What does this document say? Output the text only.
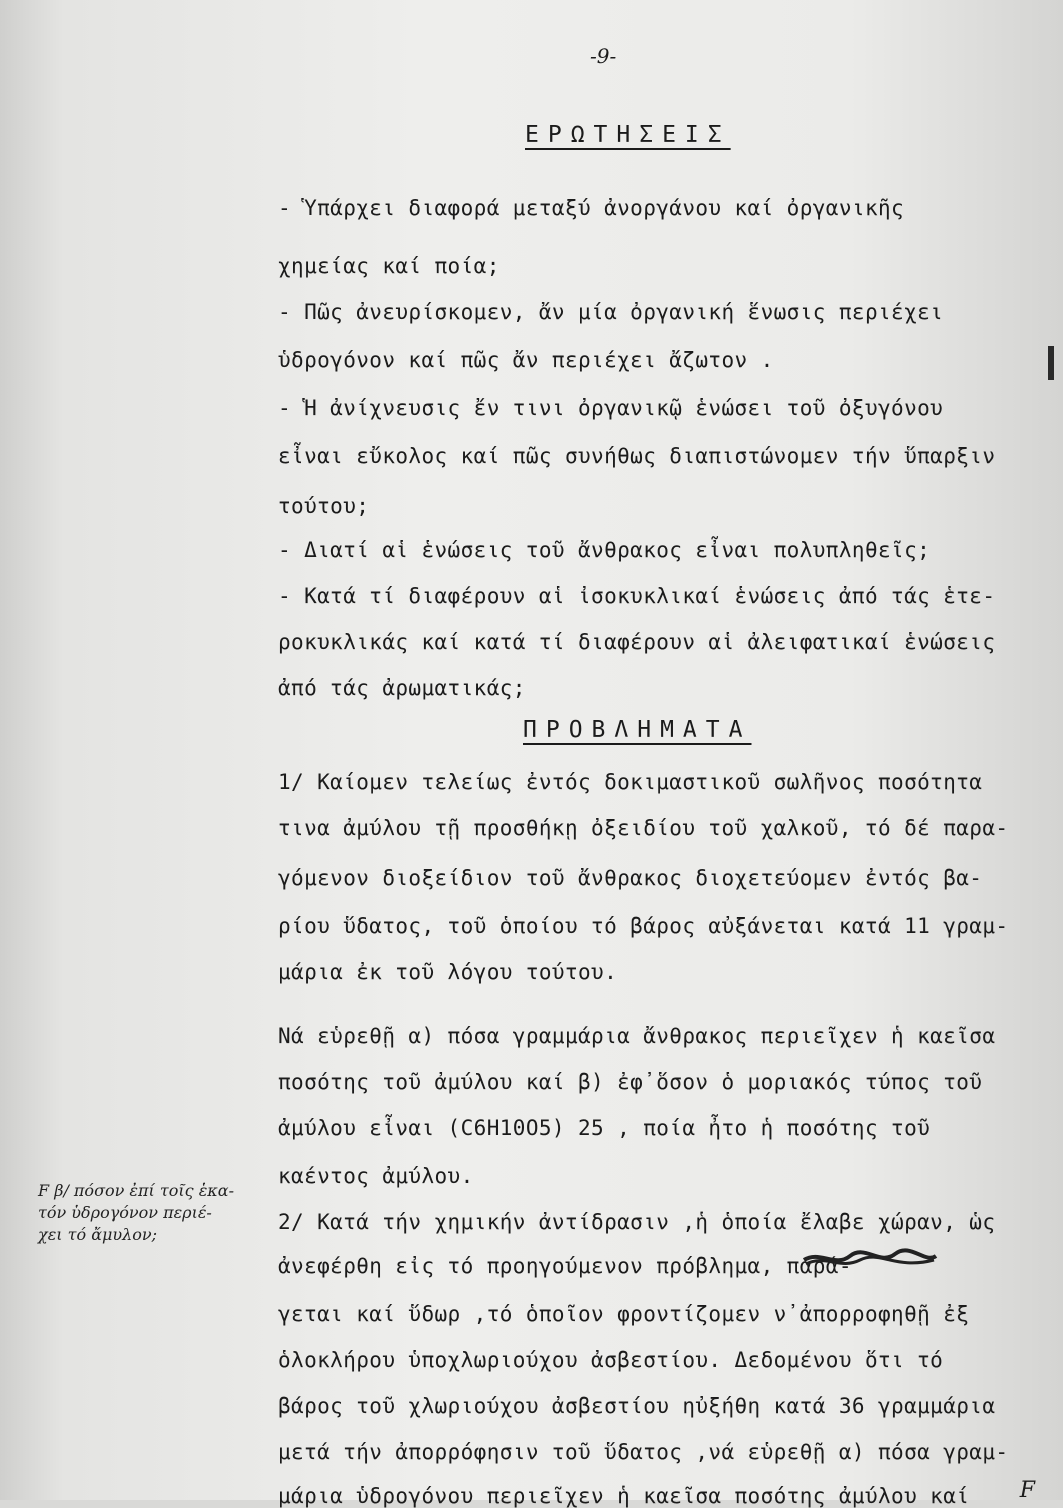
-9-
ΕΡΩΤΗΣΕΙΣ
- Ὑπάρχει διαφορά μεταξύ ἀνοργάνου καί ὀργανικῆς
χημείας καί ποία;
- Πῶς ἀνευρίσκομεν, ἄν μία ὀργανική ἕνωσις περιέχει
ὑδρογόνον καί πῶς ἄν περιέχει ἄζωτον .
- Ἡ ἀνίχνευσις ἔν τινι ὀργανικῷ ἑνώσει τοῦ ὀξυγόνου
εἶναι εὔκολος καί πῶς συνήθως διαπιστώνομεν τήν ὕπαρξιν
τούτου;
- Διατί αἱ ἑνώσεις τοῦ ἄνθρακος εἶναι πολυπληθεῖς;
- Κατά τί διαφέρουν αἱ ἰσοκυκλικαί ἑνώσεις ἀπό τάς ἑτε-
ροκυκλικάς καί κατά τί διαφέρουν αἱ ἀλειφατικαί ἑνώσεις
ἀπό τάς ἀρωματικάς;
ΠΡΟΒΛΗΜΑΤΑ
1/ Καίομεν τελείως ἐντός δοκιμαστικοῦ σωλῆνος ποσότητα
τινα ἀμύλου τῇ προσθήκῃ ὀξειδίου τοῦ χαλκοῦ, τό δέ παρα-
γόμενον διοξείδιον τοῦ ἄνθρακος διοχετεύομεν ἐντός βα-
ρίου ὕδατος, τοῦ ὁποίου τό βάρος αὐξάνεται κατά 11 γραμ-
μάρια ἐκ τοῦ λόγου τούτου.
Νά εὑρεθῇ α) πόσα γραμμάρια ἄνθρακος περιεῖχεν ἡ καεῖσα
ποσότης τοῦ ἀμύλου καί β) ἐφ᾿ὅσον ὁ μοριακός τύπος τοῦ
ἀμύλου εἶναι (C6H10O5) 25 , ποία ἦτο ἡ ποσότης τοῦ
καέντος ἀμύλου.
2/ Κατά τήν χημικήν ἀντίδρασιν ,ἡ ὁποία ἔλαβε χώραν, ὡς
ἀνεφέρθη εἰς τό προηγούμενον πρόβλημα, παρά-
γεται καί ὕδωρ ,τό ὁποῖον φροντίζομεν ν᾿ἀπορροφηθῇ ἐξ
ὁλοκλήρου ὑποχλωριούχου ἀσβεστίου. Δεδομένου ὅτι τό
βάρος τοῦ χλωριούχου ἀσβεστίου ηὐξήθη κατά 36 γραμμάρια
μετά τήν ἀπορρόφησιν τοῦ ὕδατος ,νά εὑρεθῇ α) πόσα γραμ-
μάρια ὑδρογόνου περιεῖχεν ἡ καεῖσα ποσότης ἀμύλου καί
F β/ πόσον ἐπί τοῖς ἑκα-
τόν ὑδρογόνον περιέ-
χει τό ἄμυλον;
F
